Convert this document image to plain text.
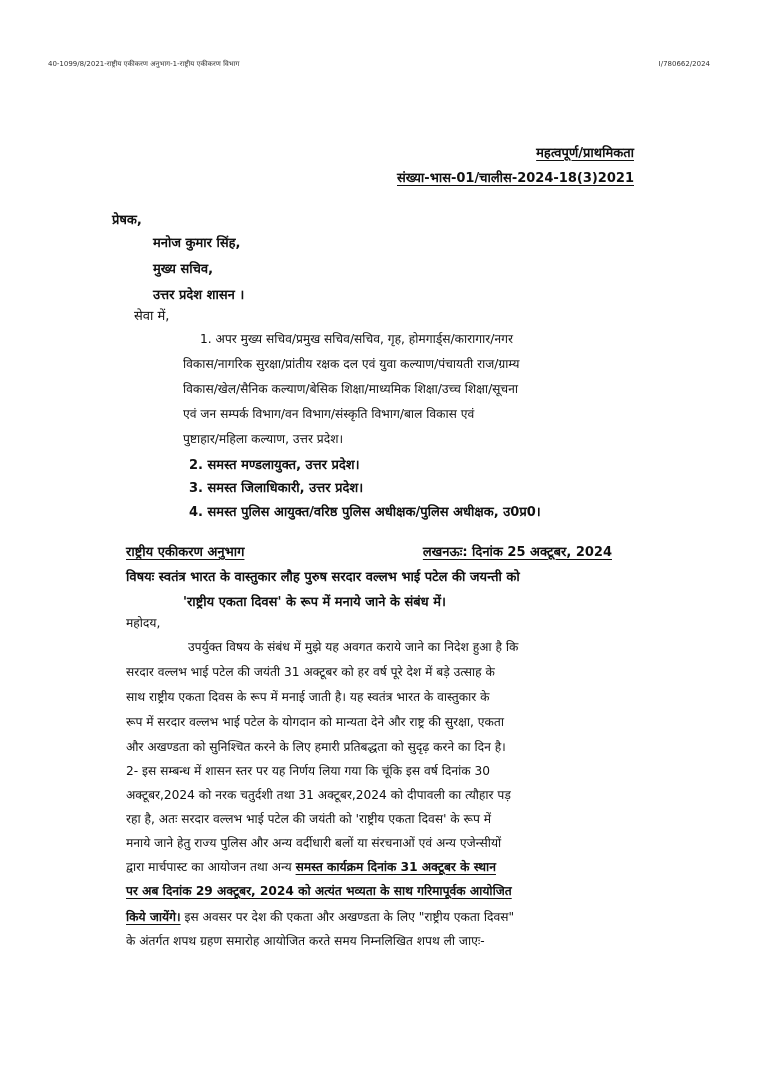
40-1099/8/2021-राष्ट्रीय एकीकरण अनुभाग-1-राष्ट्रीय एकीकरण विभाग	I/780662/2024
महत्वपूर्ण/प्राथमिकता
संख्या-भास-01/चालीस-2024-18(3)2021
प्रेषक,
मनोज कुमार सिंह,
मुख्य सचिव,
उत्तर प्रदेश शासन ।
सेवा में,
1. अपर मुख्य सचिव/प्रमुख सचिव/सचिव, गृह, होमगार्ड्स/कारागार/नगर
विकास/नागरिक सुरक्षा/प्रांतीय रक्षक दल एवं युवा कल्याण/पंचायती राज/ग्राम्य
विकास/खेल/सैनिक कल्याण/बेसिक शिक्षा/माध्यमिक शिक्षा/उच्च शिक्षा/सूचना
एवं जन सम्पर्क विभाग/वन विभाग/संस्कृति विभाग/बाल विकास एवं
पुष्टाहार/महिला कल्याण, उत्तर प्रदेश।
2. समस्त मण्डलायुक्त, उत्तर प्रदेश।
3. समस्त जिलाधिकारी, उत्तर प्रदेश।
4. समस्त पुलिस आयुक्त/वरिष्ठ पुलिस अधीक्षक/पुलिस अधीक्षक, उ0प्र0।
राष्ट्रीय एकीकरण अनुभाग	लखनऊः: दिनांक 25 अक्टूबर, 2024
विषयः स्वतंत्र भारत के वास्तुकार लौह पुरुष सरदार वल्लभ भाई पटेल की जयन्ती को
'राष्ट्रीय एकता दिवस' के रूप में मनाये जाने के संबंध में।
महोदय,
उपर्युक्त विषय के संबंध में मुझे यह अवगत कराये जाने का निदेश हुआ है कि
सरदार वल्लभ भाई पटेल की जयंती 31 अक्टूबर को हर वर्ष पूरे देश में बड़े उत्साह के
साथ राष्ट्रीय एकता दिवस के रूप में मनाई जाती है। यह स्वतंत्र भारत के वास्तुकार के
रूप में सरदार वल्लभ भाई पटेल के योगदान को मान्यता देने और राष्ट्र की सुरक्षा, एकता
और अखण्डता को सुनिश्चित करने के लिए हमारी प्रतिबद्धता को सुदृढ़ करने का दिन है।
2- इस सम्बन्ध में शासन स्तर पर यह निर्णय लिया गया कि चूंकि इस वर्ष दिनांक 30
अक्टूबर,2024 को नरक चतुर्दशी तथा 31 अक्टूबर,2024 को दीपावली का त्यौहार पड़
रहा है, अतः सरदार वल्लभ भाई पटेल की जयंती को 'राष्ट्रीय एकता दिवस' के रूप में
मनाये जाने हेतु राज्य पुलिस और अन्य वर्दीधारी बलों या संरचनाओं एवं अन्य एजेन्सीयों
द्वारा मार्चपास्ट का आयोजन तथा अन्य समस्त कार्यक्रम दिनांक 31 अक्टूबर के स्थान
पर अब दिनांक 29 अक्टूबर, 2024 को अत्यंत भव्यता के साथ गरिमापूर्वक आयोजित
किये जायेंगे। इस अवसर पर देश की एकता और अखण्डता के लिए "राष्ट्रीय एकता दिवस"
के अंतर्गत शपथ ग्रहण समारोह आयोजित करते समय निम्नलिखित शपथ ली जाएः-
